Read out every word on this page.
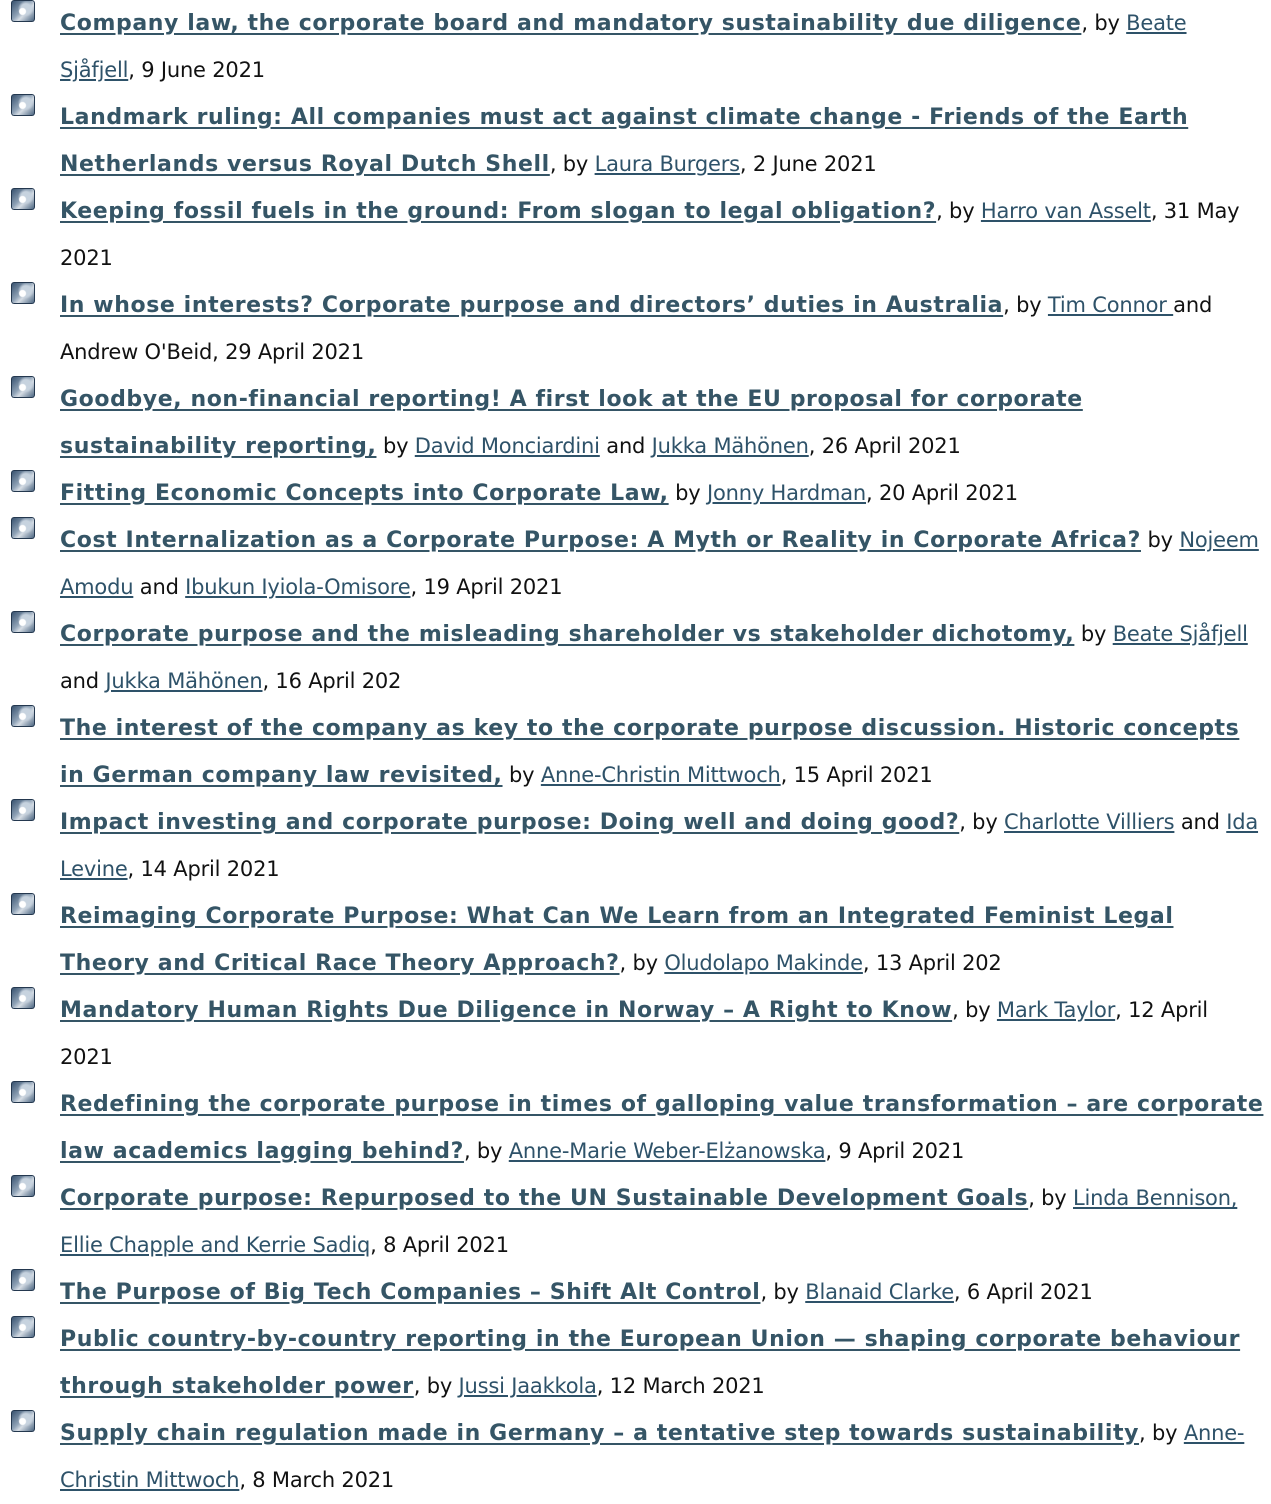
Company law, the corporate board and mandatory sustainability due diligence, by Beate Sjåfjell, 9 June 2021
Landmark ruling: All companies must act against climate change - Friends of the Earth Netherlands versus Royal Dutch Shell, by Laura Burgers, 2 June 2021
Keeping fossil fuels in the ground: From slogan to legal obligation?, by Harro van Asselt, 31 May 2021
In whose interests? Corporate purpose and directors’ duties in Australia, by Tim Connor and Andrew O'Beid, 29 April 2021
Goodbye, non-financial reporting! A first look at the EU proposal for corporate sustainability reporting, by David Monciardini and Jukka Mähönen, 26 April 2021
Fitting Economic Concepts into Corporate Law, by Jonny Hardman, 20 April 2021
Cost Internalization as a Corporate Purpose: A Myth or Reality in Corporate Africa? by Nojeem Amodu and Ibukun Iyiola-Omisore, 19 April 2021
Corporate purpose and the misleading shareholder vs stakeholder dichotomy, by Beate Sjåfjell and Jukka Mähönen, 16 April 202
The interest of the company as key to the corporate purpose discussion. Historic concepts in German company law revisited, by Anne-Christin Mittwoch, 15 April 2021
Impact investing and corporate purpose: Doing well and doing good?, by Charlotte Villiers and Ida Levine, 14 April 2021
Reimaging Corporate Purpose: What Can We Learn from an Integrated Feminist Legal Theory and Critical Race Theory Approach?, by Oludolapo Makinde, 13 April 202
Mandatory Human Rights Due Diligence in Norway – A Right to Know, by Mark Taylor, 12 April 2021
Redefining the corporate purpose in times of galloping value transformation – are corporate law academics lagging behind?, by Anne-Marie Weber-Elżanowska, 9 April 2021
Corporate purpose: Repurposed to the UN Sustainable Development Goals, by Linda Bennison, Ellie Chapple and Kerrie Sadiq, 8 April 2021
The Purpose of Big Tech Companies – Shift Alt Control, by Blanaid Clarke, 6 April 2021
Public country-by-country reporting in the European Union — shaping corporate behaviour through stakeholder power, by Jussi Jaakkola, 12 March 2021
Supply chain regulation made in Germany – a tentative step towards sustainability, by Anne-Christin Mittwoch, 8 March 2021
